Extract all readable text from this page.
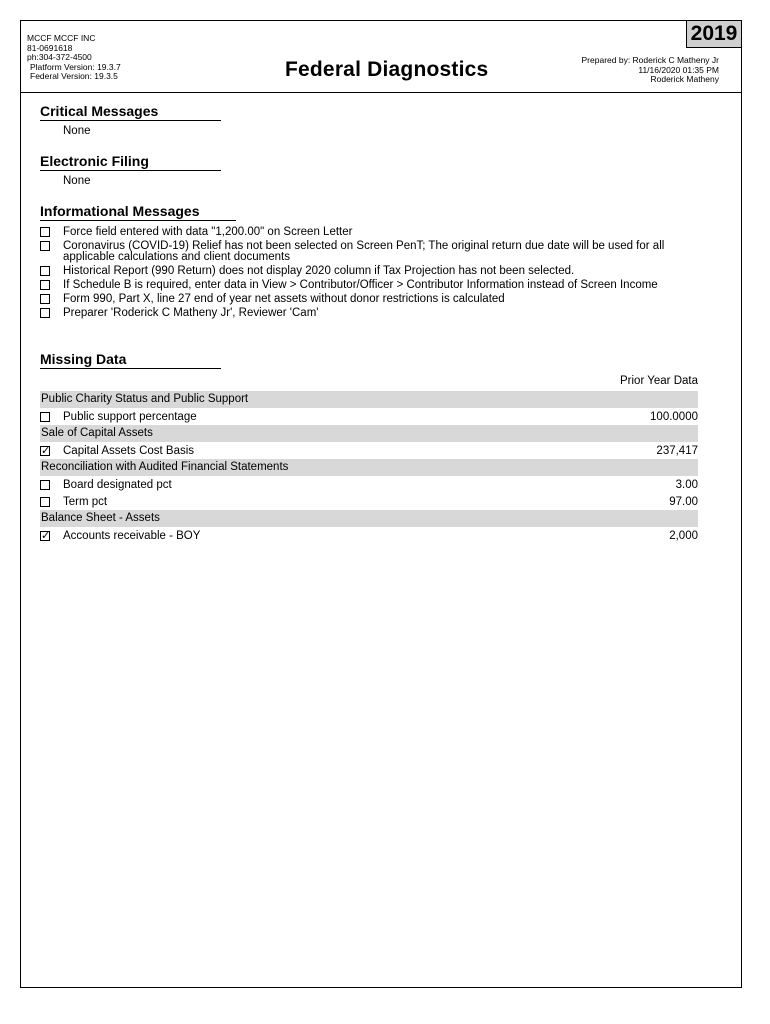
MCCF MCCF INC
81-0691618
ph:304-372-4500
Platform Version: 19.3.7
Federal Version: 19.3.5	Federal Diagnostics
2019
Prepared by: Roderick C Matheny Jr
11/16/2020 01:35 PM
Roderick Matheny
Critical Messages
None
Electronic Filing
None
Informational Messages
Force field entered with data "1,200.00" on Screen Letter
Coronavirus (COVID-19) Relief has not been selected on Screen PenT; The original return due date will be used for all applicable calculations and client documents
Historical Report (990 Return) does not display 2020 column if Tax Projection has not been selected.
If Schedule B is required, enter data in View > Contributor/Officer > Contributor Information instead of Screen Income
Form 990, Part X, line 27 end of year net assets without donor restrictions is calculated
Preparer 'Roderick C Matheny Jr', Reviewer 'Cam'
Missing Data
Prior Year Data
Public Charity Status and Public Support
Public support percentage	100.0000
Sale of Capital Assets
✓
Capital Assets Cost Basis	237,417
Reconciliation with Audited Financial Statements
Board designated pct	3.00
Term pct	97.00
Balance Sheet - Assets
✓
Accounts receivable - BOY	2,000
